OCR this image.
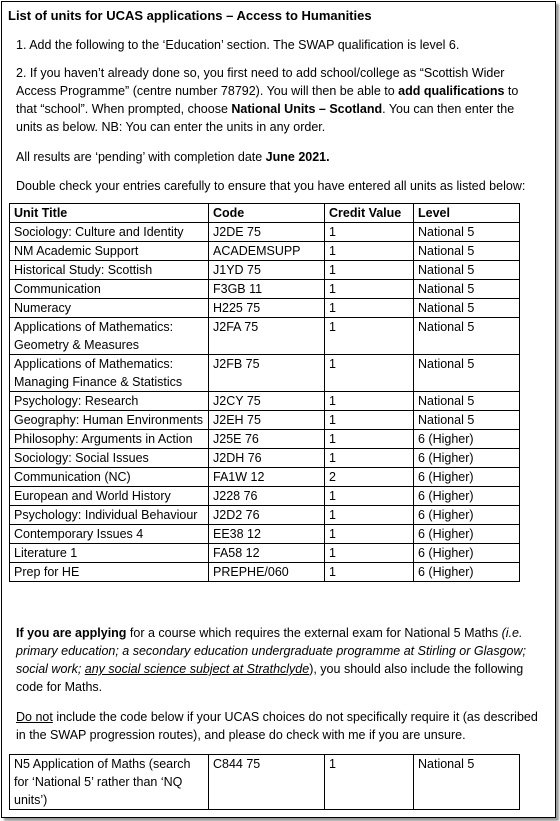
List of units for UCAS applications – Access to Humanities
1. Add the following to the ‘Education’ section. The SWAP qualification is level 6.
2. If you haven’t already done so, you first need to add school/college as “Scottish Wider Access Programme” (centre number 78792). You will then be able to add qualifications to that “school”. When prompted, choose National Units – Scotland. You can then enter the units as below. NB: You can enter the units in any order.
All results are ‘pending’ with completion date June 2021.
Double check your entries carefully to ensure that you have entered all units as listed below:
Unit Title	Code	Credit Value	Level
Sociology: Culture and Identity	J2DE 75	1	National 5
NM Academic Support	ACADEMSUPP	1	National 5
Historical Study: Scottish	J1YD 75	1	National 5
Communication	F3GB 11	1	National 5
Numeracy	H225 75	1	National 5
Applications of Mathematics: Geometry & Measures	J2FA 75	1	National 5
Applications of Mathematics: Managing Finance & Statistics	J2FB 75	1	National 5
Psychology: Research	J2CY 75	1	National 5
Geography: Human Environments	J2EH 75	1	National 5
Philosophy: Arguments in Action	J25E 76	1	6 (Higher)
Sociology: Social Issues	J2DH 76	1	6 (Higher)
Communication (NC)	FA1W 12	2	6 (Higher)
European and World History	J228 76	1	6 (Higher)
Psychology: Individual Behaviour	J2D2 76	1	6 (Higher)
Contemporary Issues 4	EE38 12	1	6 (Higher)
Literature 1	FA58 12	1	6 (Higher)
Prep for HE	PREPHE/060	1	6 (Higher)
If you are applying for a course which requires the external exam for National 5 Maths (i.e. primary education; a secondary education undergraduate programme at Stirling or Glasgow; social work; any social science subject at Strathclyde), you should also include the following code for Maths.
Do not include the code below if your UCAS choices do not specifically require it (as described in the SWAP progression routes), and please do check with me if you are unsure.
N5 Application of Maths (search for ‘National 5’ rather than ‘NQ units’)	C844 75	1	National 5
